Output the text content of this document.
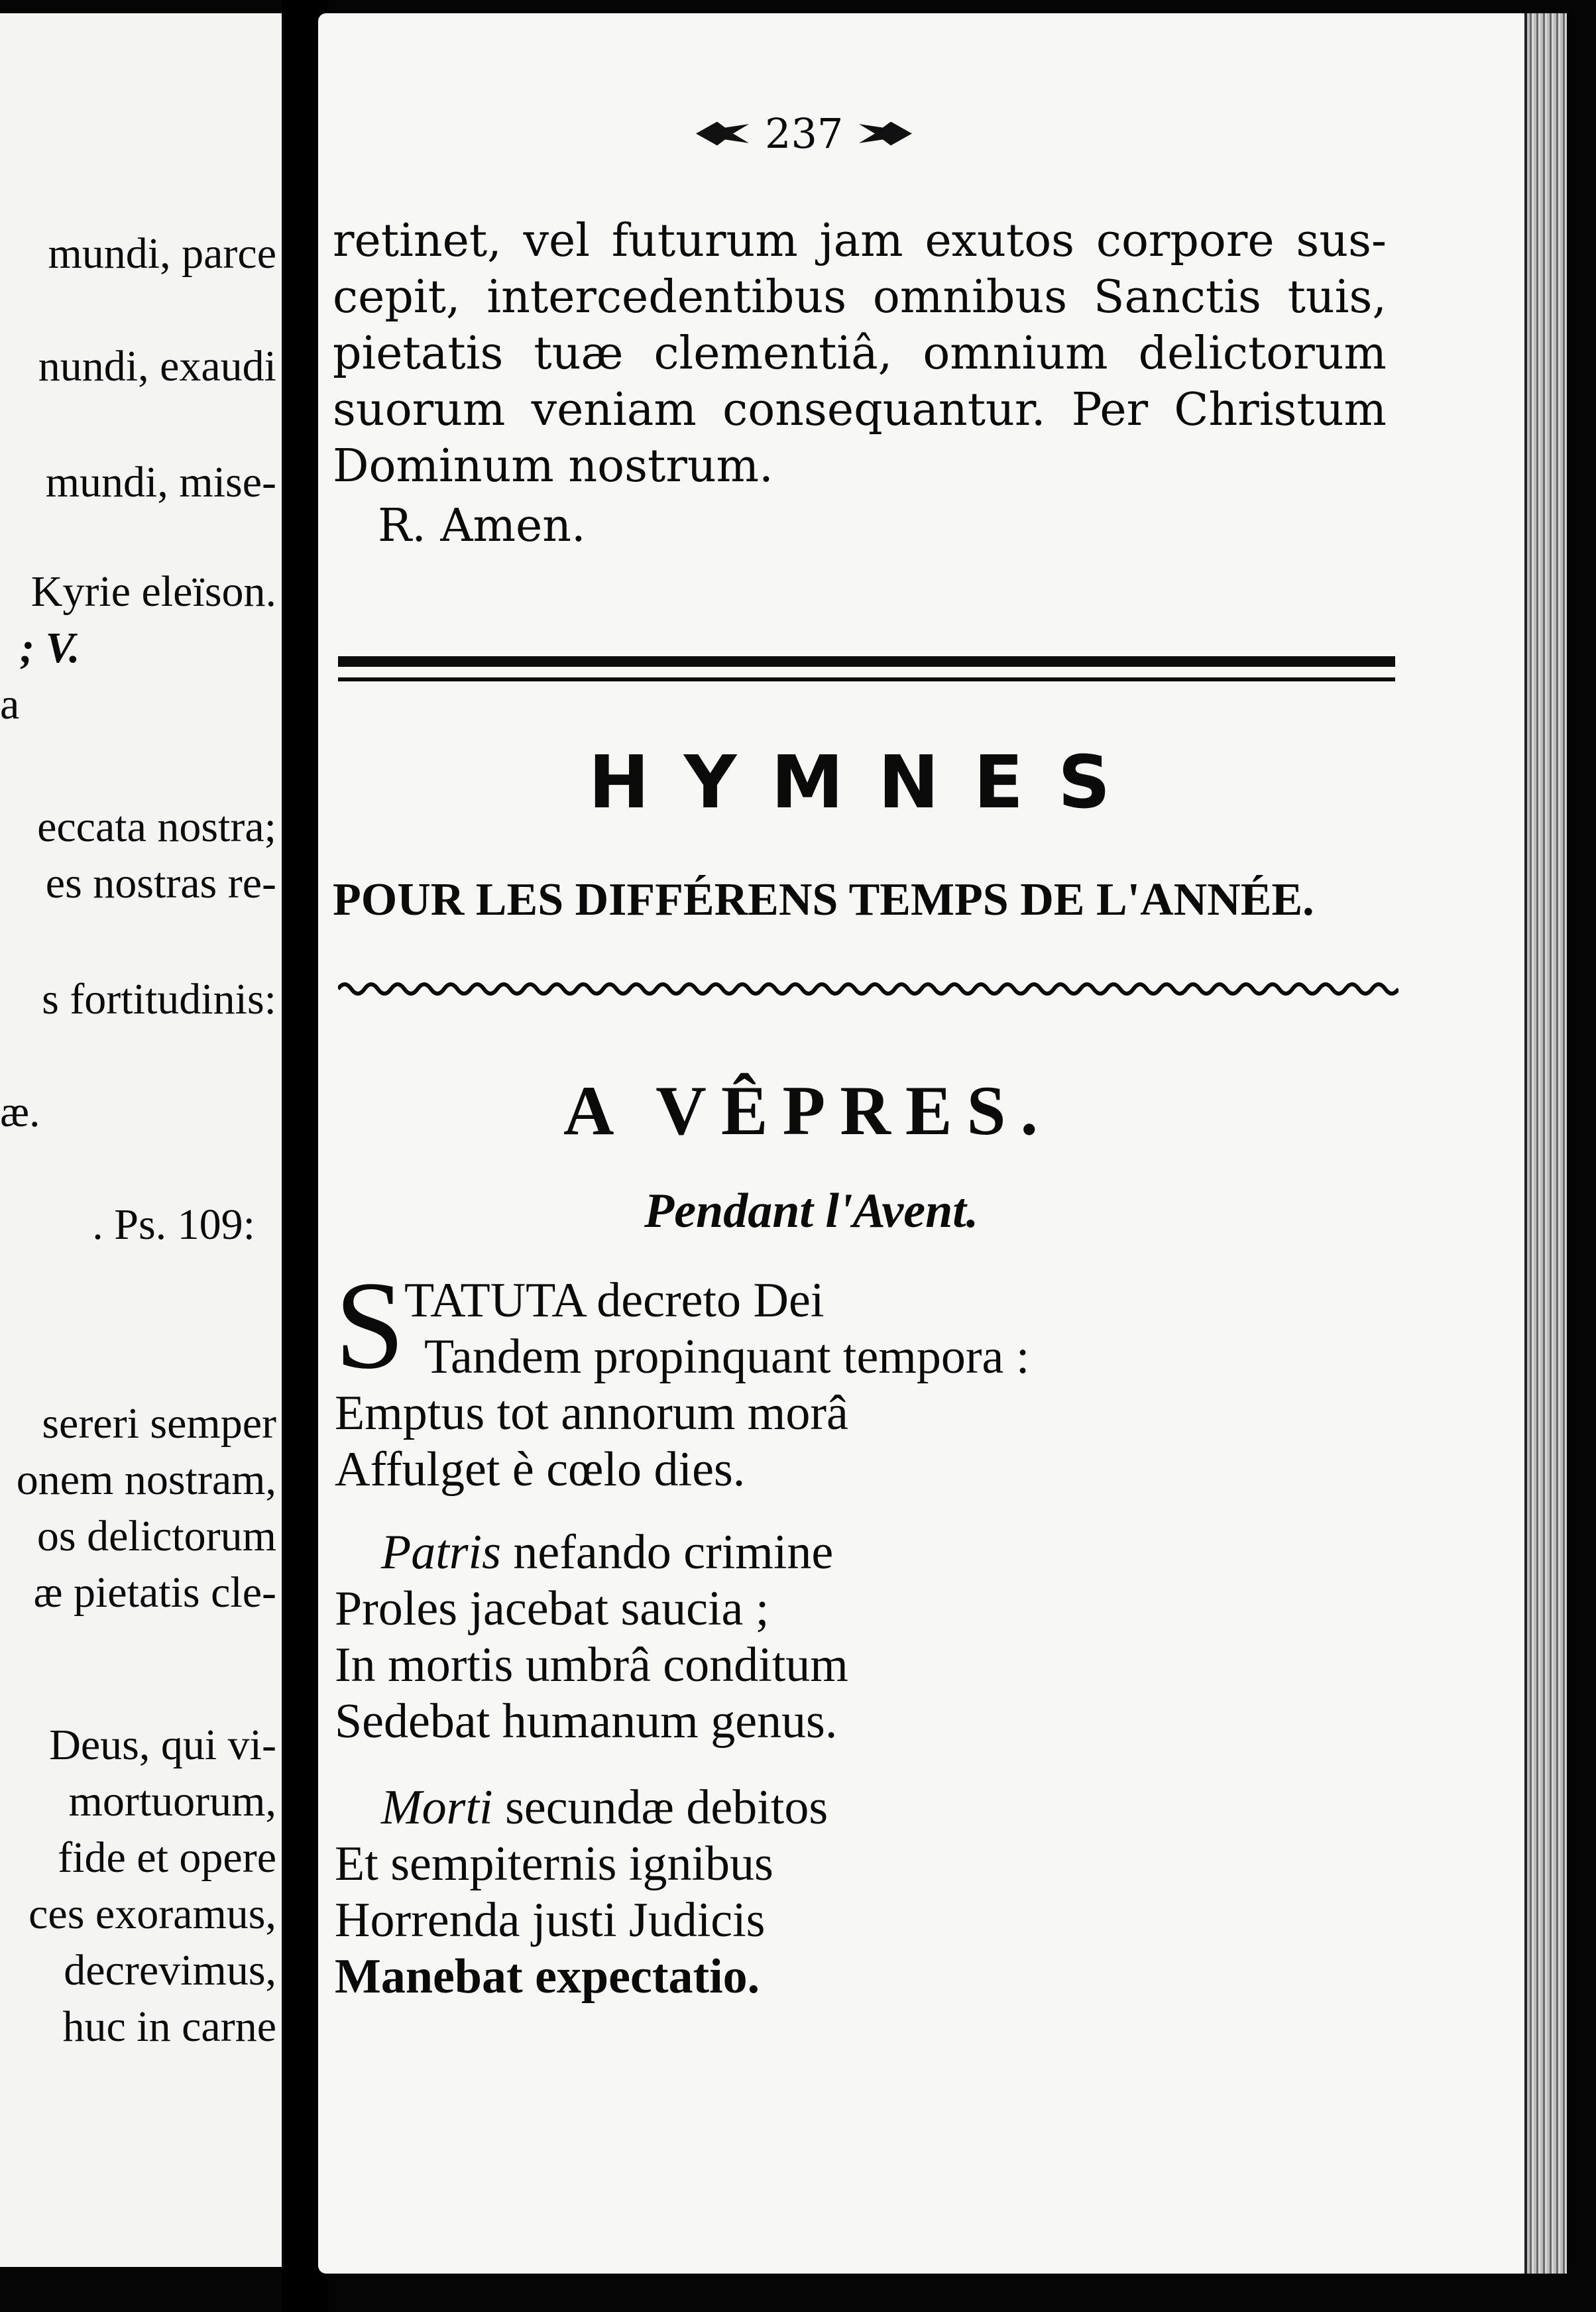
mundi, parce
nundi, exaudi
mundi, mise-
Kyrie eleïson.
; V.
a
eccata nostra;
es nostras re-
s fortitudinis:
æ.
. Ps. 109:
sereri semper
onem nostram,
os delictorum
æ pietatis cle-
Deus, qui vi-
mortuorum,
fide et opere
ces exoramus,
decrevimus,
huc in carne
237
retinet, vel futurum jam exutos corpore sus-
cepit, intercedentibus omnibus Sanctis tuis,
pietatis tuæ clementiâ, omnium delictorum
suorum veniam consequantur. Per Christum
Dominum nostrum.
R. Amen.
HYMNES
POUR LES DIFFÉRENS TEMPS DE L'ANNÉE.
A VÊPRES.
Pendant l'Avent.
S TATUTA decreto Dei
Tandem propinquant tempora :
Emptus tot annorum morâ
Affulget è cœlo dies.
Patris nefando crimine
Proles jacebat saucia ;
In mortis umbrâ conditum
Sedebat humanum genus.
Morti secundæ debitos
Et sempiternis ignibus
Horrenda justi Judicis
Manebat expectatio.
